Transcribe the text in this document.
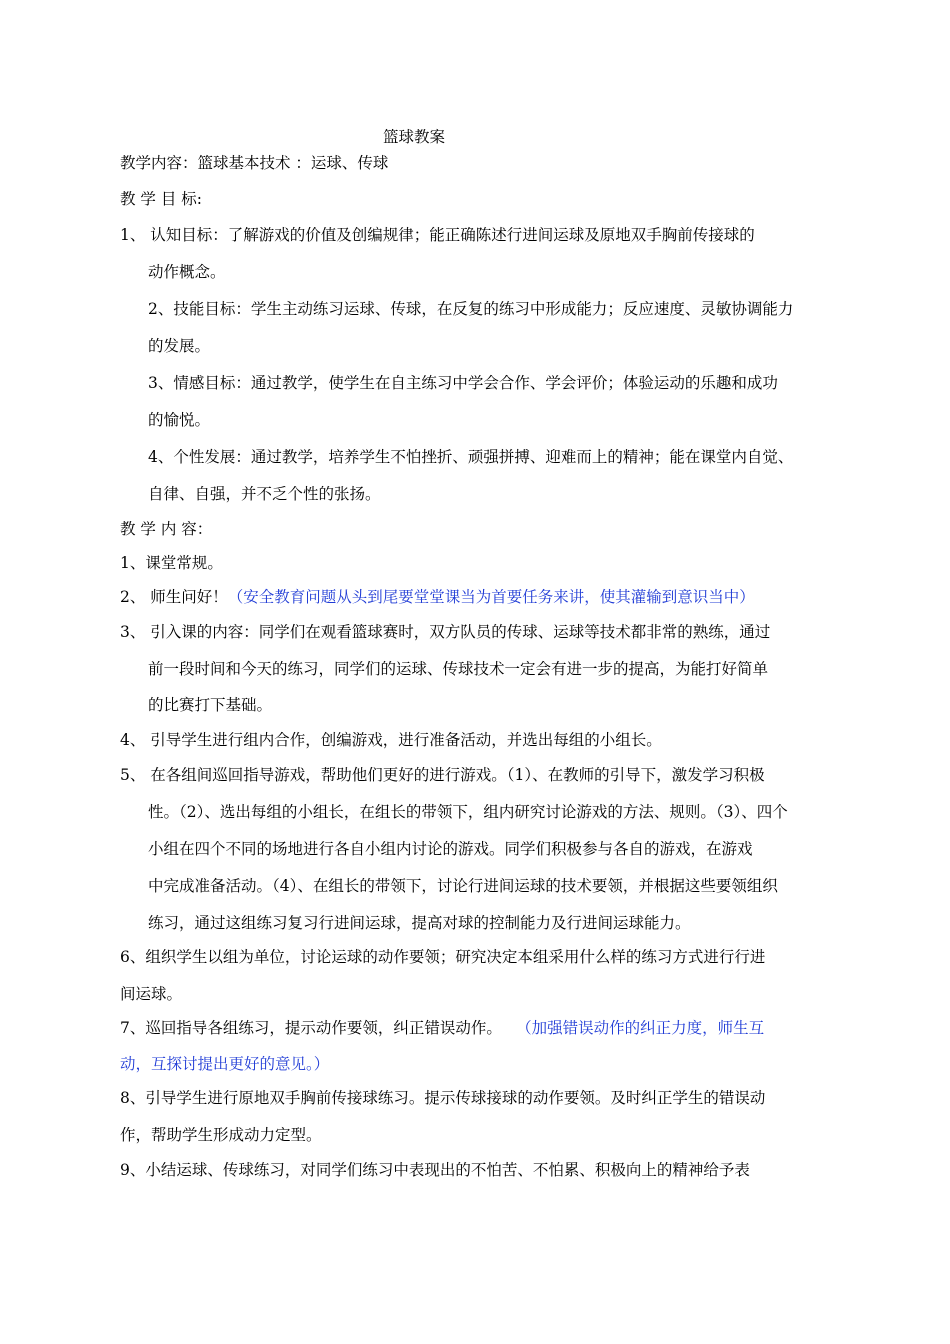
篮球教案
教学内容：篮球基本技术 ：运球、传球
教 学 目 标:
1、 认知目标：了解游戏的价值及创编规律；能正确陈述行进间运球及原地双手胸前传接球的
动作概念。
2、技能目标：学生主动练习运球、传球，在反复的练习中形成能力；反应速度、灵敏协调能力
的发展。
3、情感目标：通过教学，使学生在自主练习中学会合作、学会评价；体验运动的乐趣和成功
的愉悦。
4、个性发展：通过教学，培养学生不怕挫折、顽强拼搏、迎难而上的精神；能在课堂内自觉、
自律、自强，并不乏个性的张扬。
教 学 内 容：
1、课堂常规。
2、 师生问好！（安全教育问题从头到尾要堂堂课当为首要任务来讲，使其灌输到意识当中）
3、 引入课的内容：同学们在观看篮球赛时，双方队员的传球、运球等技术都非常的熟练，通过
前一段时间和今天的练习，同学们的运球、传球技术一定会有进一步的提高，为能打好简单
的比赛打下基础。
4、 引导学生进行组内合作，创编游戏，进行准备活动，并选出每组的小组长。
5、 在各组间巡回指导游戏，帮助他们更好的进行游戏。（1）、在教师的引导下，激发学习积极
性。（2）、选出每组的小组长，在组长的带领下，组内研究讨论游戏的方法、规则。（3）、四个
小组在四个不同的场地进行各自小组内讨论的游戏。同学们积极参与各自的游戏，在游戏
中完成准备活动。（4）、在组长的带领下，讨论行进间运球的技术要领，并根据这些要领组织
练习，通过这组练习复习行进间运球，提高对球的控制能力及行进间运球能力。
6、组织学生以组为单位，讨论运球的动作要领；研究决定本组采用什么样的练习方式进行行进
间运球。
7、巡回指导各组练习，提示动作要领，纠正错误动作。 （加强错误动作的纠正力度，师生互
动，互探讨提出更好的意见。）
8、引导学生进行原地双手胸前传接球练习。提示传球接球的动作要领。及时纠正学生的错误动
作，帮助学生形成动力定型。
9、小结运球、传球练习，对同学们练习中表现出的不怕苦、不怕累、积极向上的精神给予表
